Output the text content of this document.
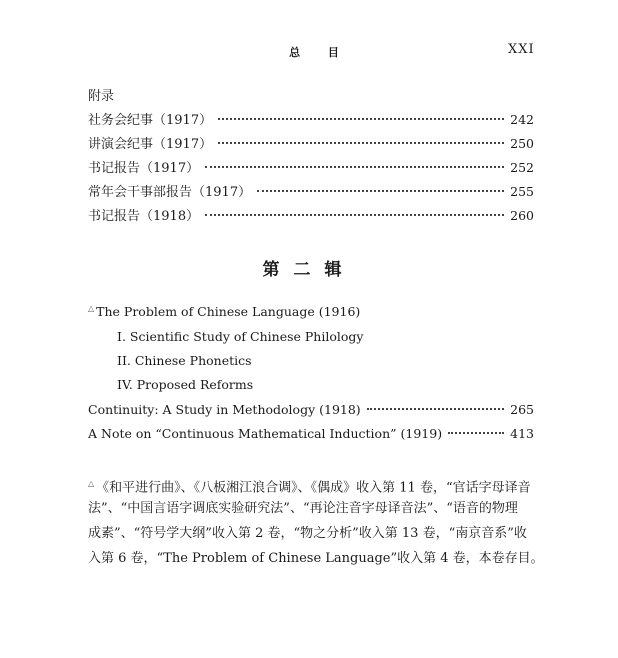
总 目	XXI
附录
社务会纪事（1917）	242
讲演会纪事（1917）	250
书记报告（1917）	252
常年会干事部报告（1917）	255
书记报告（1918）	260
第二辑
△ The Problem of Chinese Language (1916)
I. Scientific Study of Chinese Philology
II. Chinese Phonetics
IV. Proposed Reforms
Continuity: A Study in Methodology (1918)	265
A Note on “Continuous Mathematical Induction” (1919)	413
△ 《和平进行曲》、《八板湘江浪合调》、《偶成》收入第 11 卷，“官话字母译音
法”、“中国言语字调底实验研究法”、“再论注音字母译音法”、“语音的物理
成素”、“符号学大纲”收入第 2 卷，“物之分析”收入第 13 卷，“南京音系”收
入第 6 卷，“The Problem of Chinese Language”收入第 4 卷，本卷存目。
